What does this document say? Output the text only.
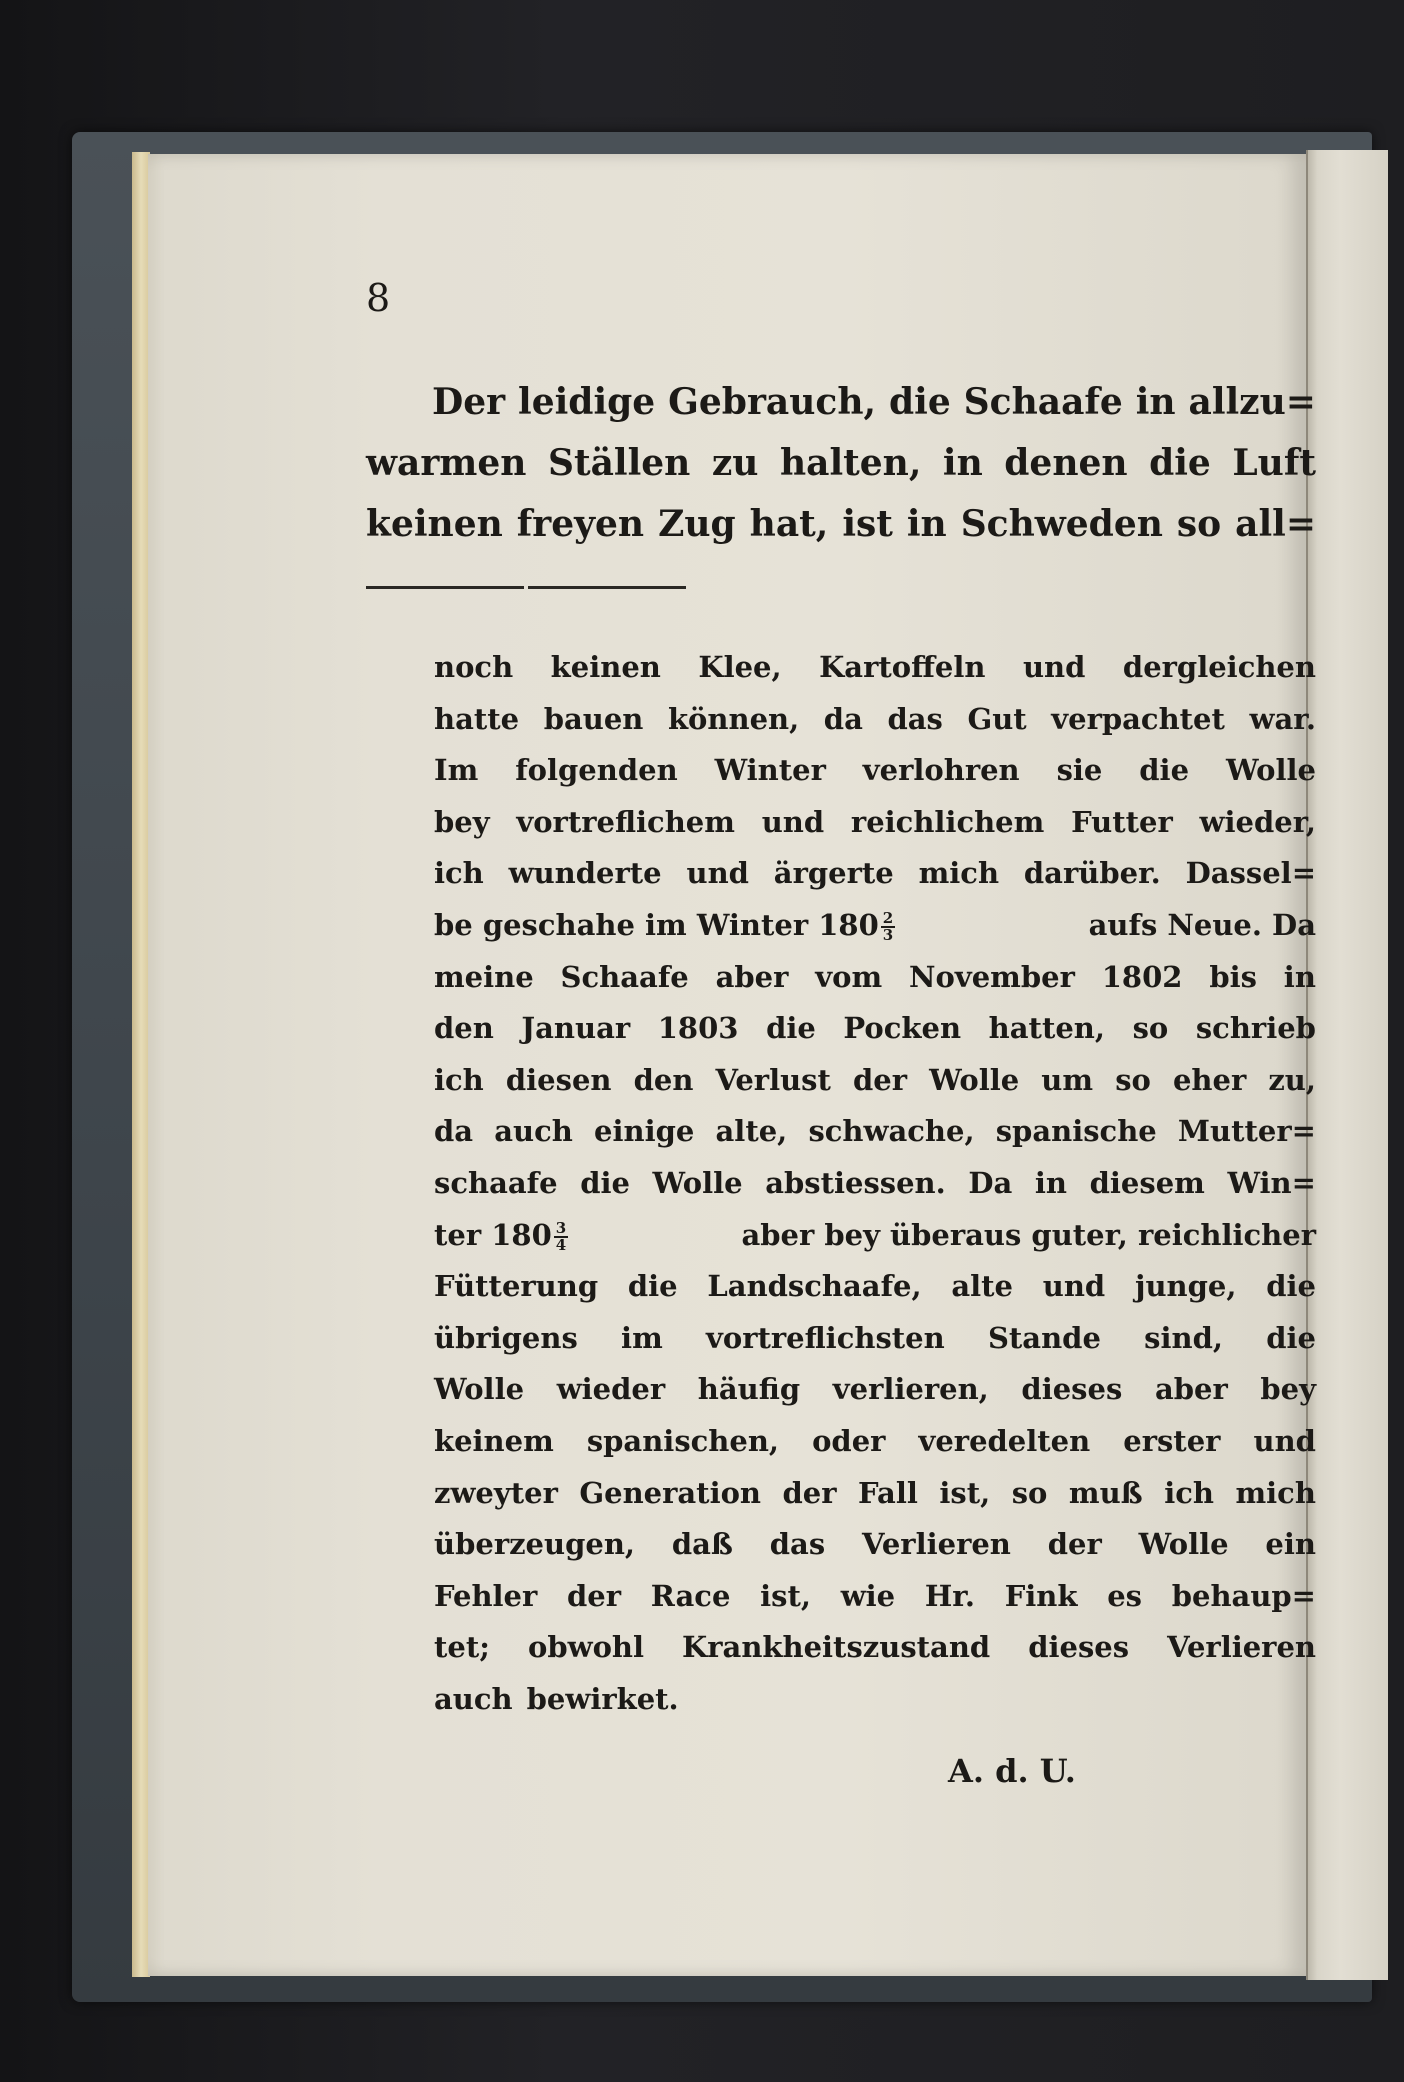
8
Der leidige Gebrauch, die Schaafe in allzu=
warmen Ställen zu halten, in denen die Luft
keinen freyen Zug hat, ist in Schweden so all=
noch keinen Klee, Kartoffeln und dergleichen
hatte bauen können, da das Gut verpachtet war.
Im folgenden Winter verlohren sie die Wolle
bey vortreflichem und reichlichem Futter wieder,
ich wunderte und ärgerte mich darüber. Dassel=
be geschahe im Winter $180 \frac{2}{3}$	aufs Neue. Da
meine Schaafe aber vom November 1802 bis in
den Januar 1803 die Pocken hatten, so schrieb
ich diesen den Verlust der Wolle um so eher zu,
da auch einige alte, schwache, spanische Mutter=
schaafe die Wolle abstiessen. Da in diesem Win=
ter $180 \frac{3}{4}$	aber bey überaus guter, reichlicher
Fütterung die Landschaafe, alte und junge, die
übrigens im vortreflichsten Stande sind, die
Wolle wieder häufig verlieren, dieses aber bey
keinem spanischen, oder veredelten erster und
zweyter Generation der Fall ist, so muß ich mich
überzeugen, daß das Verlieren der Wolle ein
Fehler der Race ist, wie Hr. Fink es behaup=
tet; obwohl Krankheitszustand dieses Verlieren
auch bewirket.
A. d. U.
